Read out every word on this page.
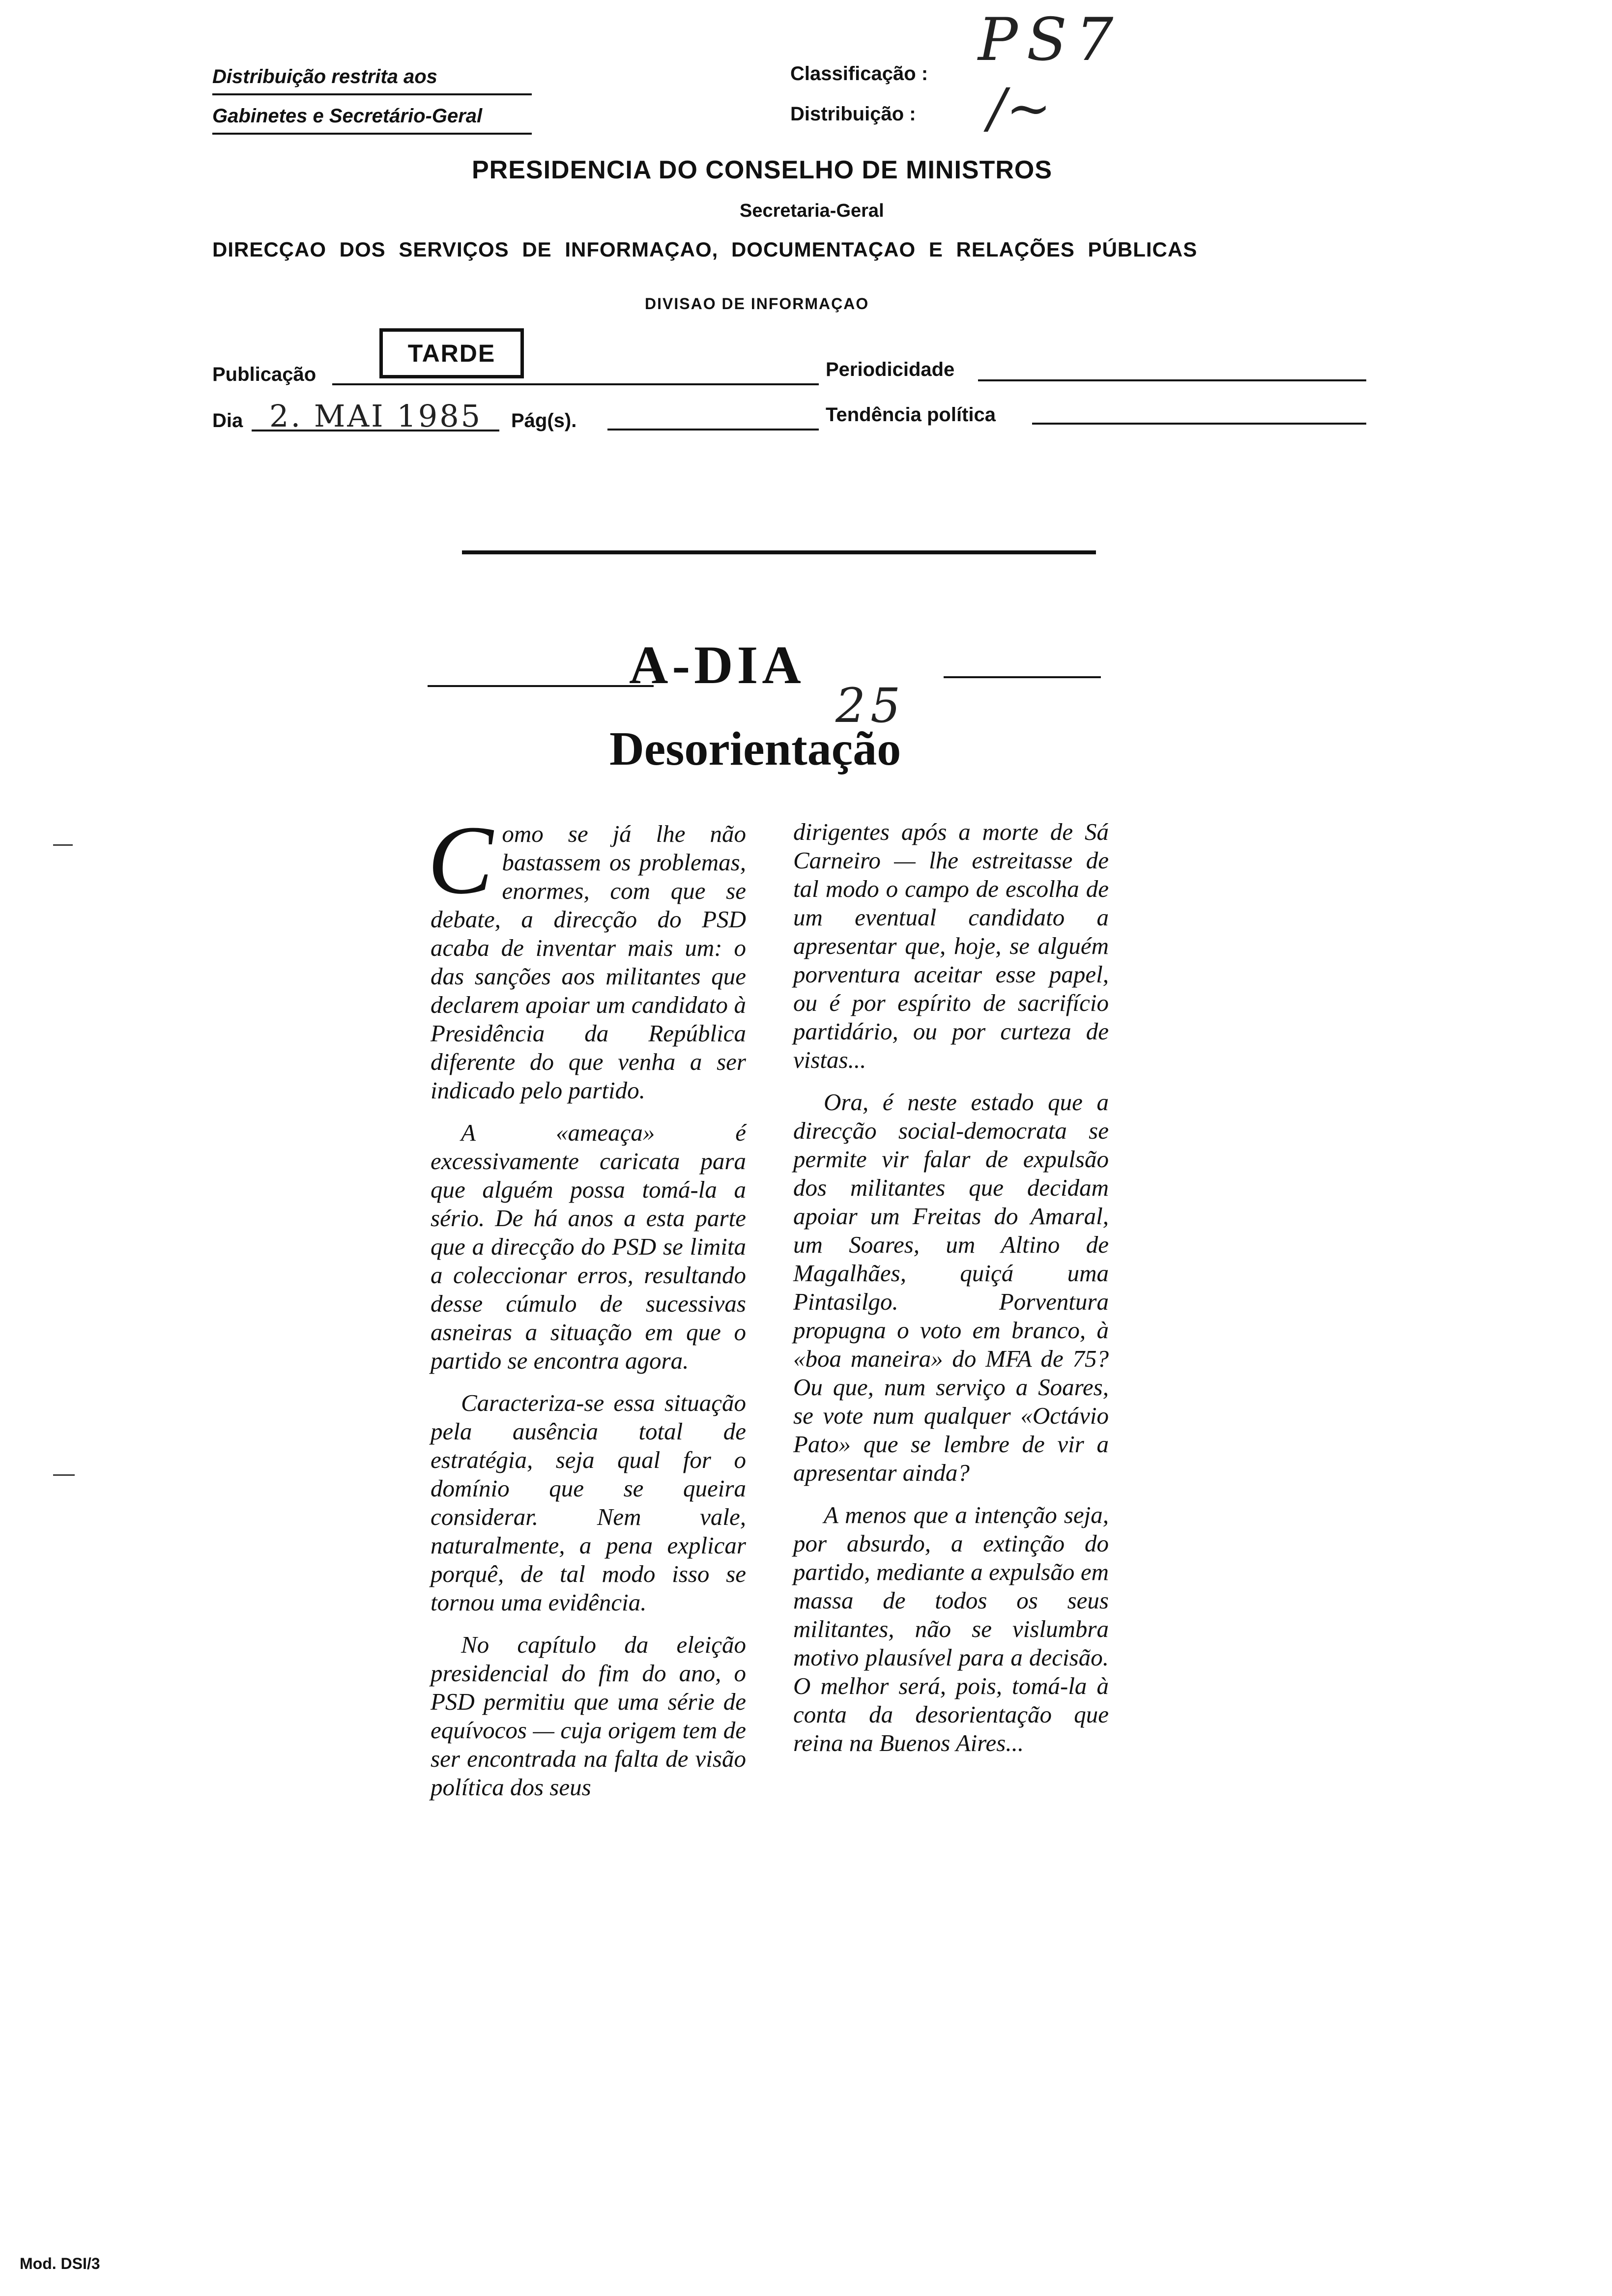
Distribuição restrita aos
Gabinetes e Secretário-Geral
Classificação : PS7
Distribuição : /~
PRESIDENCIA DO CONSELHO DE MINISTROS
Secretaria-Geral
DIRECÇAO DOS SERVIÇOS DE INFORMAÇAO, DOCUMENTAÇAO E RELAÇÕES PÚBLICAS
DIVISAO DE INFORMAÇAO
Publicação
TARDE
Periodicidade
Dia 2. MAI 1985 Pág(s).	Tendência política
A-DIA
25
Desorientação

Como se já lhe não bastassem os problemas, enormes, com que se debate, a direcção do PSD acaba de inventar mais um: o das sanções aos militantes que declarem apoiar um candidato à Presidência da República diferente do que venha a ser indicado pelo partido.

A «ameaça» é excessivamente caricata para que alguém possa tomá-la a sério. De há anos a esta parte que a direcção do PSD se limita a coleccionar erros, resultando desse cúmulo de sucessivas asneiras a situação em que o partido se encontra agora.

Caracteriza-se essa situação pela ausência total de estratégia, seja qual for o domínio que se queira considerar. Nem vale, naturalmente, a pena explicar porquê, de tal modo isso se tornou uma evidência.

No capítulo da eleição presidencial do fim do ano, o PSD permitiu que uma série de equívocos — cuja origem tem de ser encontrada na falta de visão política dos seus

dirigentes após a morte de Sá Carneiro — lhe estreitasse de tal modo o campo de escolha de um eventual candidato a apresentar que, hoje, se alguém porventura aceitar esse papel, ou é por espírito de sacrifício partidário, ou por curteza de vistas...

Ora, é neste estado que a direcção social-democrata se permite vir falar de expulsão dos militantes que decidam apoiar um Freitas do Amaral, um Soares, um Altino de Magalhães, quiçá uma Pintasilgo. Porventura propugna o voto em branco, à «boa maneira» do MFA de 75? Ou que, num serviço a Soares, se vote num qualquer «Octávio Pato» que se lembre de vir a apresentar ainda?

A menos que a intenção seja, por absurdo, a extinção do partido, mediante a expulsão em massa de todos os seus militantes, não se vislumbra motivo plausível para a decisão. O melhor será, pois, tomá-la à conta da desorientação que reina na Buenos Aires...

Mod. DSI/3
